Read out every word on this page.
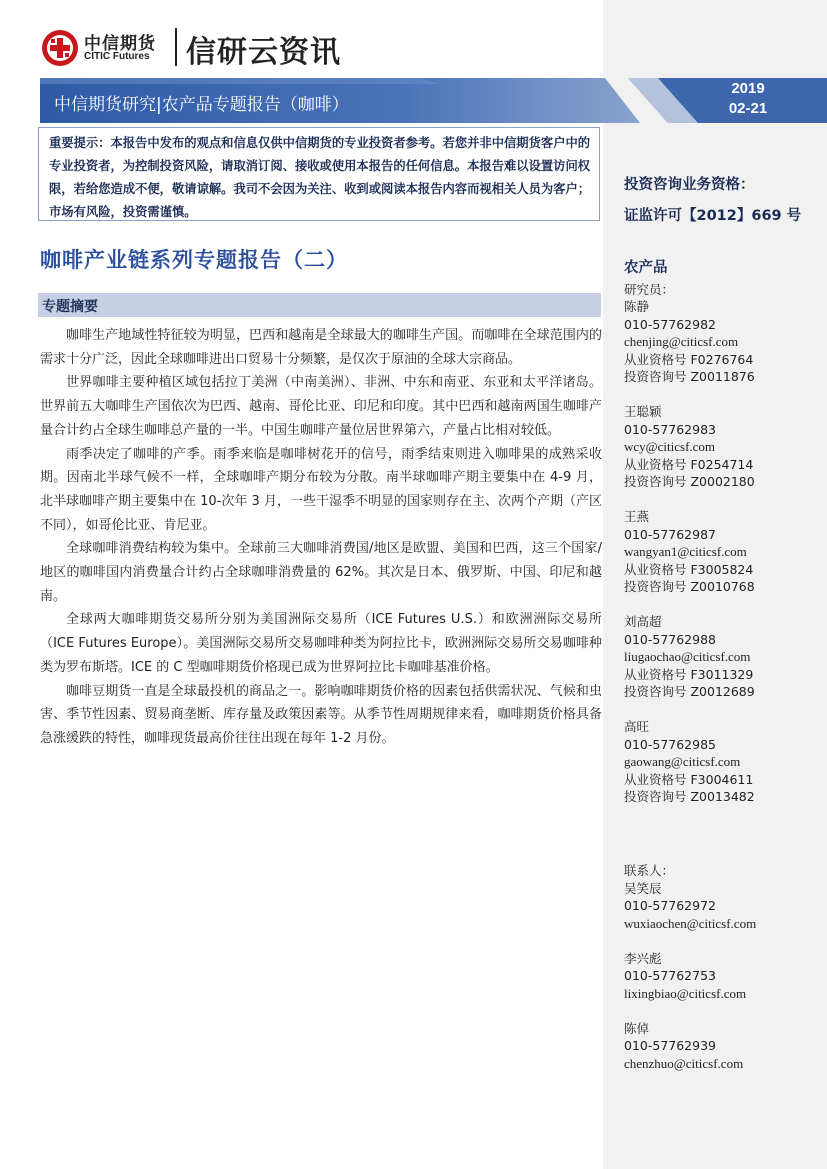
中信期货
CITIC Futures 信研云资讯
中信期货研究|农产品专题报告（咖啡）
2019
02-21

重要提示：本报告中发布的观点和信息仅供中信期货的专业投资者参考。若您并非中信期货客户中的专业投资者，为控制投资风险，请取消订阅、接收或使用本报告的任何信息。本报告难以设置访问权限，若给您造成不便，敬请谅解。我司不会因为关注、收到或阅读本报告内容而视相关人员为客户；市场有风险，投资需谨慎。

投资咨询业务资格：
证监许可【2012】669 号
咖啡产业链系列专题报告（二）
专题摘要

咖啡生产地域性特征较为明显，巴西和越南是全球最大的咖啡生产国。而咖啡在全球范围内的需求十分广泛，因此全球咖啡进出口贸易十分频繁，是仅次于原油的全球大宗商品。

世界咖啡主要种植区域包括拉丁美洲（中南美洲）、非洲、中东和南亚、东亚和太平洋诸岛。世界前五大咖啡生产国依次为巴西、越南、哥伦比亚、印尼和印度。其中巴西和越南两国生咖啡产量合计约占全球生咖啡总产量的一半。中国生咖啡产量位居世界第六，产量占比相对较低。

雨季决定了咖啡的产季。雨季来临是咖啡树花开的信号，雨季结束则进入咖啡果的成熟采收期。因南北半球气候不一样，全球咖啡产期分布较为分散。南半球咖啡产期主要集中在 4-9 月，北半球咖啡产期主要集中在 10-次年 3 月，一些干湿季不明显的国家则存在主、次两个产期（产区不同），如哥伦比亚、肯尼亚。

全球咖啡消费结构较为集中。全球前三大咖啡消费国/地区是欧盟、美国和巴西，这三个国家/地区的咖啡国内消费量合计约占全球咖啡消费量的 62%。其次是日本、俄罗斯、中国、印尼和越南。

全球两大咖啡期货交易所分别为美国洲际交易所（ICE Futures U.S.）和欧洲洲际交易所（ICE Futures Europe）。美国洲际交易所交易咖啡种类为阿拉比卡，欧洲洲际交易所交易咖啡种类为罗布斯塔。ICE 的 C 型咖啡期货价格现已成为世界阿拉比卡咖啡基准价格。

咖啡豆期货一直是全球最投机的商品之一。影响咖啡期货价格的因素包括供需状况、气候和虫害、季节性因素、贸易商垄断、库存量及政策因素等。从季节性周期规律来看，咖啡期货价格具备急涨缓跌的特性，咖啡现货最高价往往出现在每年 1-2 月份。

农产品
研究员：
陈静
010-57762982
chenjing@citicsf.com
从业资格号 F0276764
投资咨询号 Z0011876
王聪颖
010-57762983
wcy@citicsf.com
从业资格号 F0254714
投资咨询号 Z0002180
王燕
010-57762987
wangyan1@citicsf.com
从业资格号 F3005824
投资咨询号 Z0010768
刘高超
010-57762988
liugaochao@citicsf.com
从业资格号 F3011329
投资咨询号 Z0012689
高旺
010-57762985
gaowang@citicsf.com
从业资格号 F3004611
投资咨询号 Z0013482
联系人：
吴笑辰
010-57762972
wuxiaochen@citicsf.com
李兴彪
010-57762753
lixingbiao@citicsf.com
陈倬
010-57762939
chenzhuo@citicsf.com
